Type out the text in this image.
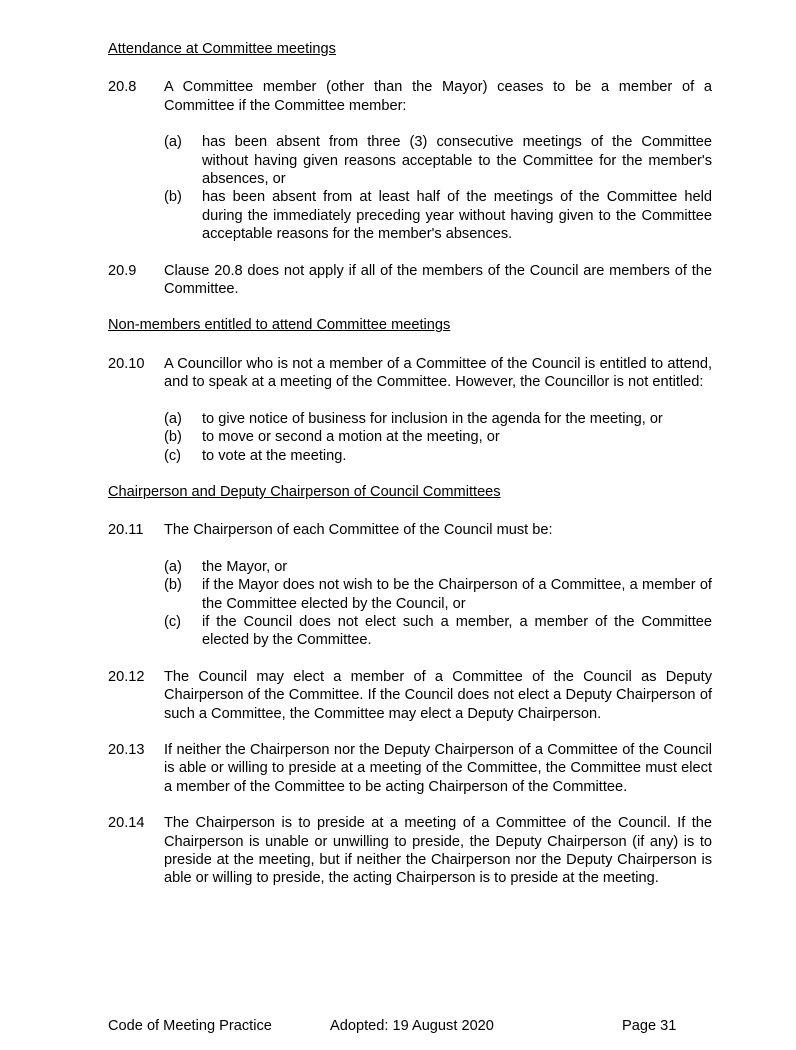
Attendance at Committee meetings

20.8	A Committee member (other than the Mayor) ceases to be a member of a Committee if the Committee member:

(a)	has been absent from three (3) consecutive meetings of the Committee without having given reasons acceptable to the Committee for the member's absences, or
(b)	has been absent from at least half of the meetings of the Committee held during the immediately preceding year without having given to the Committee acceptable reasons for the member's absences.
20.9	Clause 20.8 does not apply if all of the members of the Council are members of the Committee.

Non-members entitled to attend Committee meetings

20.10	A Councillor who is not a member of a Committee of the Council is entitled to attend, and to speak at a meeting of the Committee. However, the Councillor is not entitled:

(a)	to give notice of business for inclusion in the agenda for the meeting, or
(b)	to move or second a motion at the meeting, or
(c)	to vote at the meeting.

Chairperson and Deputy Chairperson of Council Committees

20.11	The Chairperson of each Committee of the Council must be:

(a)	the Mayor, or
(b)	if the Mayor does not wish to be the Chairperson of a Committee, a member of the Committee elected by the Council, or
(c)	if the Council does not elect such a member, a member of the Committee elected by the Committee.
20.12	The Council may elect a member of a Committee of the Council as Deputy Chairperson of the Committee. If the Council does not elect a Deputy Chairperson of such a Committee, the Committee may elect a Deputy Chairperson.

20.13	If neither the Chairperson nor the Deputy Chairperson of a Committee of the Council is able or willing to preside at a meeting of the Committee, the Committee must elect a member of the Committee to be acting Chairperson of the Committee.

20.14	The Chairperson is to preside at a meeting of a Committee of the Council. If the Chairperson is unable or unwilling to preside, the Deputy Chairperson (if any) is to preside at the meeting, but if neither the Chairperson nor the Deputy Chairperson is able or willing to preside, the acting Chairperson is to preside at the meeting.

Code of Meeting Practice	Adopted: 19 August 2020	Page 31
